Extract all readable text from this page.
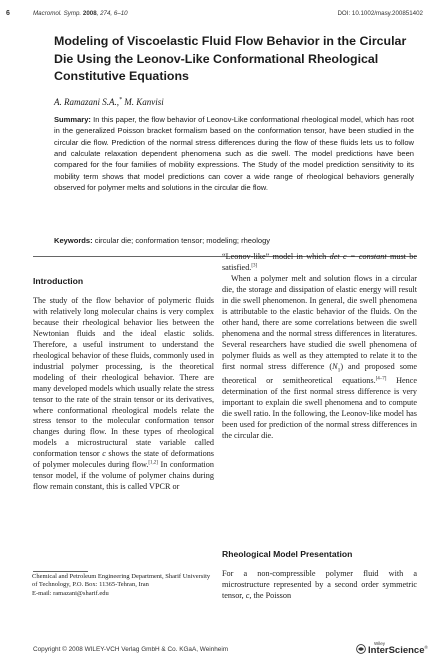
6	Macromol. Symp. 2008, 274, 6–10	DOI: 10.1002/masy.200851402
Modeling of Viscoelastic Fluid Flow Behavior in the Circular Die Using the Leonov-Like Conformational Rheological Constitutive Equations
A. Ramazani S.A.,* M. Kanvisi

Summary: In this paper, the flow behavior of Leonov-Like conformational rheological model, which has root in the generalized Poisson bracket formalism based on the conformation tensor, have been studied in the circular die flow. Prediction of the normal stress differences during the flow of these fluids lets us to follow and calculate relaxation dependent phenomena such as die swell. The model predictions have been compared for the four families of mobility expressions. The Study of the model prediction sensitivity to its mobility term shows that model predictions can cover a wide range of rheological behaviors generally observed for polymer melts and solutions in the circular die flow.

Keywords: circular die; conformation tensor; modeling; rheology
Introduction

The study of the flow behavior of polymeric fluids with relatively long molecular chains is very complex because their rheological behavior lies between the Newtonian fluids and the ideal elastic solids. Therefore, a useful instrument to understand the rheological behavior of these fluids, commonly used in industrial polymer processing, is the theoretical modeling of their rheological behavior. There are many developed models which usually relate the stress tensor to the rate of the strain tensor or its derivatives, where conformational rheological models relate the stress tensor to the molecular conformation tensor changes during flow. In these types of rheological models a microstructural state variable called conformation tensor c shows the state of deformations of polymer molecules during flow.[1,2] In conformation tensor model, if the volume of polymer chains during flow remain constant, this is called VPCR or

Chemical and Petroleum Engineering Department, Sharif University of Technology, P.O. Box: 11365-Tehran, Iran
E-mail: ramazani@sharif.edu

“Leonov-like” model in which det c = constant must be satisfied.[3]

When a polymer melt and solution flows in a circular die, the storage and dissipation of elastic energy will result in die swell phenomenon. In general, die swell phenomena is attributable to the elastic behavior of the fluids. On the other hand, there are some correlations between die swell phenomena and the normal stress differences in literatures. Several researchers have studied die swell phenomena of polymer fluids as well as they attempted to relate it to the first normal stress difference $(N_1)$ and proposed some theoretical or semitheoretical equations.[4–7] Hence determination of the first normal stress difference is very important to explain die swell phenomena and to compute die swell ratio. In the following, the Leonov-like model has been used for prediction of the normal stress differences in the circular die.

Rheological Model Presentation

For a non-compressible polymer fluid with a microstructure represented by a second order symmetric tensor, c, the Poisson

Copyright © 2008 WILEY-VCH Verlag GmbH & Co. KGaA, Weinheim
Wiley
InterScience®
